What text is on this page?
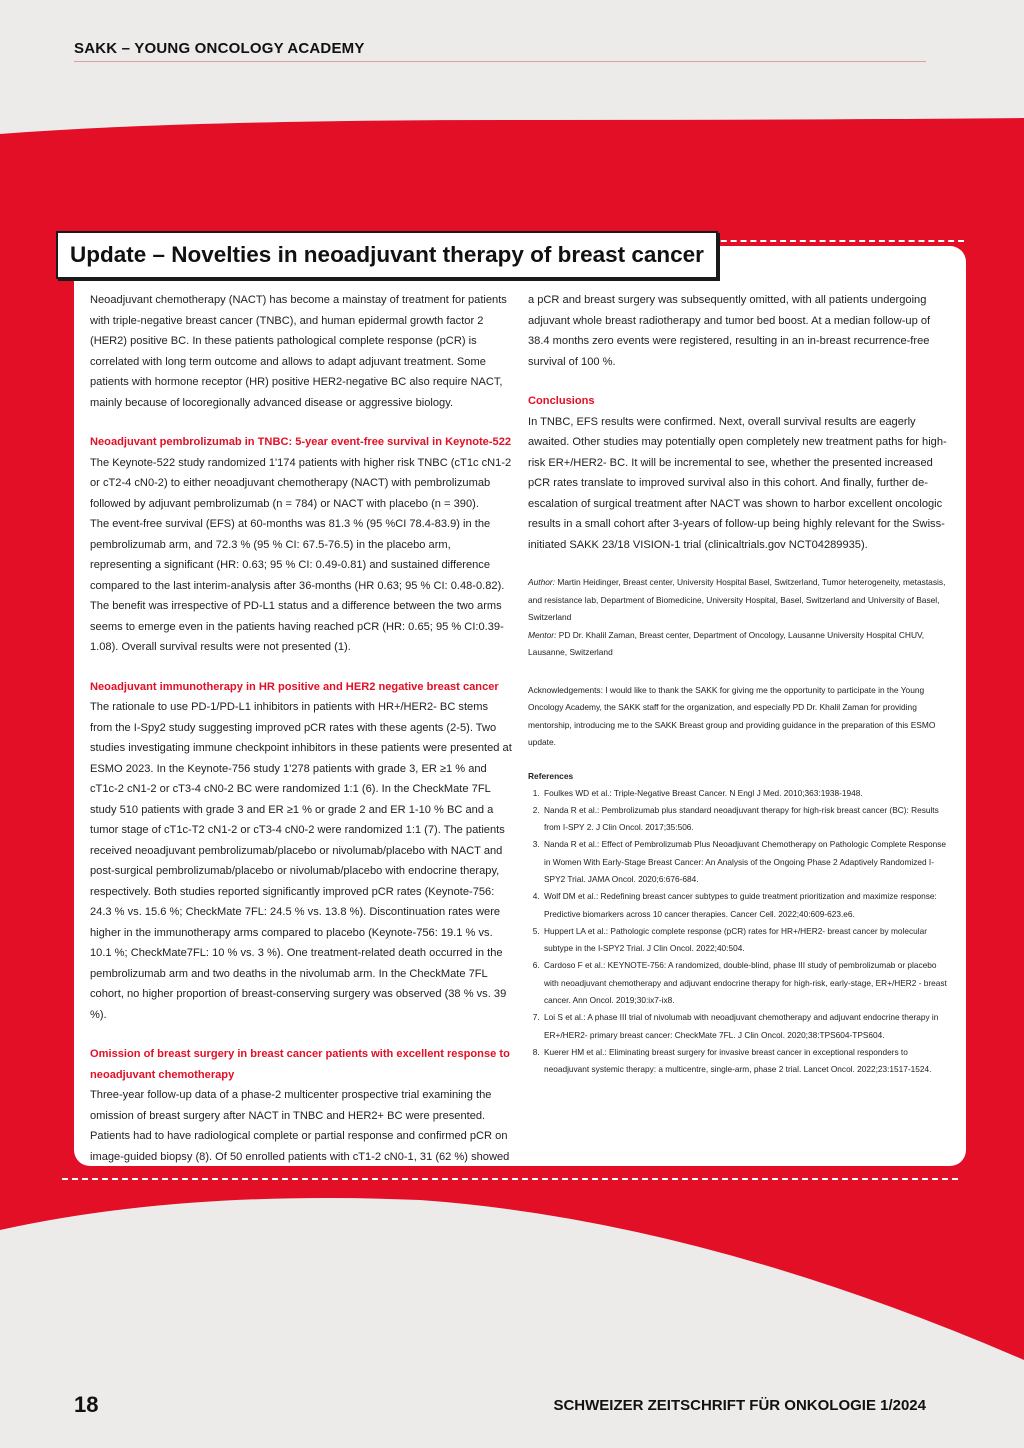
SAKK – YOUNG ONCOLOGY ACADEMY
Update – Novelties in neoadjuvant therapy of breast cancer

Neoadjuvant chemotherapy (NACT) has become a mainstay of treatment for patients with triple-negative breast cancer (TNBC), and human epidermal growth factor 2 (HER2) positive BC. In these patients pathological complete response (pCR) is correlated with long term outcome and allows to adapt adjuvant treatment. Some patients with hormone receptor (HR) positive HER2-negative BC also require NACT, mainly because of locoregionally advanced disease or aggressive biology.

Neoadjuvant pembrolizumab in TNBC: 5-year event-free survival in Keynote-522

The Keynote-522 study randomized 1'174 patients with higher risk TNBC (cT1c cN1-2 or cT2-4 cN0-2) to either neoadjuvant chemotherapy (NACT) with pembrolizumab followed by adjuvant pembrolizumab (n = 784) or NACT with placebo (n = 390).

The event-free survival (EFS) at 60-months was 81.3 % (95 %CI 78.4-83.9) in the pembrolizumab arm, and 72.3 % (95 % CI: 67.5-76.5) in the placebo arm, representing a significant (HR: 0.63; 95 % CI: 0.49-0.81) and sustained difference compared to the last interim-analysis after 36-months (HR 0.63; 95 % CI: 0.48-0.82). The benefit was irrespective of PD-L1 status and a difference between the two arms seems to emerge even in the patients having reached pCR (HR: 0.65; 95 % CI:0.39-1.08). Overall survival results were not presented (1).

Neoadjuvant immunotherapy in HR positive and HER2 negative breast cancer

The rationale to use PD-1/PD-L1 inhibitors in patients with HR+/HER2- BC stems from the I-Spy2 study suggesting improved pCR rates with these agents (2-5). Two studies investigating immune checkpoint inhibitors in these patients were presented at ESMO 2023. In the Keynote-756 study 1'278 patients with grade 3, ER ≥1 % and cT1c-2 cN1-2 or cT3-4 cN0-2 BC were randomized 1:1 (6). In the CheckMate 7FL study 510 patients with grade 3 and ER ≥1 % or grade 2 and ER 1-10 % BC and a tumor stage of cT1c-T2 cN1-2 or cT3-4 cN0-2 were randomized 1:1 (7). The patients received neoadjuvant pembrolizumab/placebo or nivolumab/placebo with NACT and post-surgical pembrolizumab/placebo or nivolumab/placebo with endocrine therapy, respectively. Both studies reported significantly improved pCR rates (Keynote-756: 24.3 % vs. 15.6 %; CheckMate 7FL: 24.5 % vs. 13.8 %). Discontinuation rates were higher in the immunotherapy arms compared to placebo (Keynote-756: 19.1 % vs. 10.1 %; CheckMate7FL: 10 % vs. 3 %). One treatment-related death occurred in the pembrolizumab arm and two deaths in the nivolumab arm. In the CheckMate 7FL cohort, no higher proportion of breast-conserving surgery was observed (38 % vs. 39 %).

Omission of breast surgery in breast cancer patients with excellent response to neoadjuvant chemotherapy

Three-year follow-up data of a phase-2 multicenter prospective trial examining the omission of breast surgery after NACT in TNBC and HER2+ BC were presented. Patients had to have radiological complete or partial response and confirmed pCR on image-guided biopsy (8). Of 50 enrolled patients with cT1-2 cN0-1, 31 (62 %) showed

a pCR and breast surgery was subsequently omitted, with all patients undergoing adjuvant whole breast radiotherapy and tumor bed boost. At a median follow-up of 38.4 months zero events were registered, resulting in an in-breast recurrence-free survival of 100 %.

Conclusions

In TNBC, EFS results were confirmed. Next, overall survival results are eagerly awaited. Other studies may potentially open completely new treatment paths for high-risk ER+/HER2- BC. It will be incremental to see, whether the presented increased pCR rates translate to improved survival also in this cohort. And finally, further de-escalation of surgical treatment after NACT was shown to harbor excellent oncologic results in a small cohort after 3-years of follow-up being highly relevant for the Swiss-initiated SAKK 23/18 VISION-1 trial (clinicaltrials.gov NCT04289935).

Author: Martin Heidinger, Breast center, University Hospital Basel, Switzerland, Tumor heterogeneity, metastasis, and resistance lab, Department of Biomedicine, University Hospital, Basel, Switzerland and University of Basel, Switzerland

Mentor: PD Dr. Khalil Zaman, Breast center, Department of Oncology, Lausanne University Hospital CHUV, Lausanne, Switzerland

Acknowledgements: I would like to thank the SAKK for giving me the opportunity to participate in the Young Oncology Academy, the SAKK staff for the organization, and especially PD Dr. Khalil Zaman for providing mentorship, introducing me to the SAKK Breast group and providing guidance in the preparation of this ESMO update.

References

1. Foulkes WD et al.: Triple-Negative Breast Cancer. N Engl J Med. 2010;363:1938-1948.
2. Nanda R et al.: Pembrolizumab plus standard neoadjuvant therapy for high-risk breast cancer (BC): Results from I-SPY 2. J Clin Oncol. 2017;35:506.
3. Nanda R et al.: Effect of Pembrolizumab Plus Neoadjuvant Chemotherapy on Pathologic Complete Response in Women With Early-Stage Breast Cancer: An Analysis of the Ongoing Phase 2 Adaptively Randomized I-SPY2 Trial. JAMA Oncol. 2020;6:676-684.
4. Wolf DM et al.: Redefining breast cancer subtypes to guide treatment prioritization and maximize response: Predictive biomarkers across 10 cancer therapies. Cancer Cell. 2022;40:609-623.e6.
5. Huppert LA et al.: Pathologic complete response (pCR) rates for HR+/HER2- breast cancer by molecular subtype in the I-SPY2 Trial. J Clin Oncol. 2022;40:504.
6. Cardoso F et al.: KEYNOTE-756: A randomized, double-blind, phase III study of pembrolizumab or placebo with neoadjuvant chemotherapy and adjuvant endocrine therapy for high-risk, early-stage, ER+/HER2 - breast cancer. Ann Oncol. 2019;30:ix7-ix8.
7. Loi S et al.: A phase III trial of nivolumab with neoadjuvant chemotherapy and adjuvant endocrine therapy in ER+/HER2- primary breast cancer: CheckMate 7FL. J Clin Oncol. 2020;38:TPS604-TPS604.
8. Kuerer HM et al.: Eliminating breast surgery for invasive breast cancer in exceptional responders to neoadjuvant systemic therapy: a multicentre, single-arm, phase 2 trial. Lancet Oncol. 2022;23:1517-1524.
18	SCHWEIZER ZEITSCHRIFT FÜR ONKOLOGIE 1/2024
